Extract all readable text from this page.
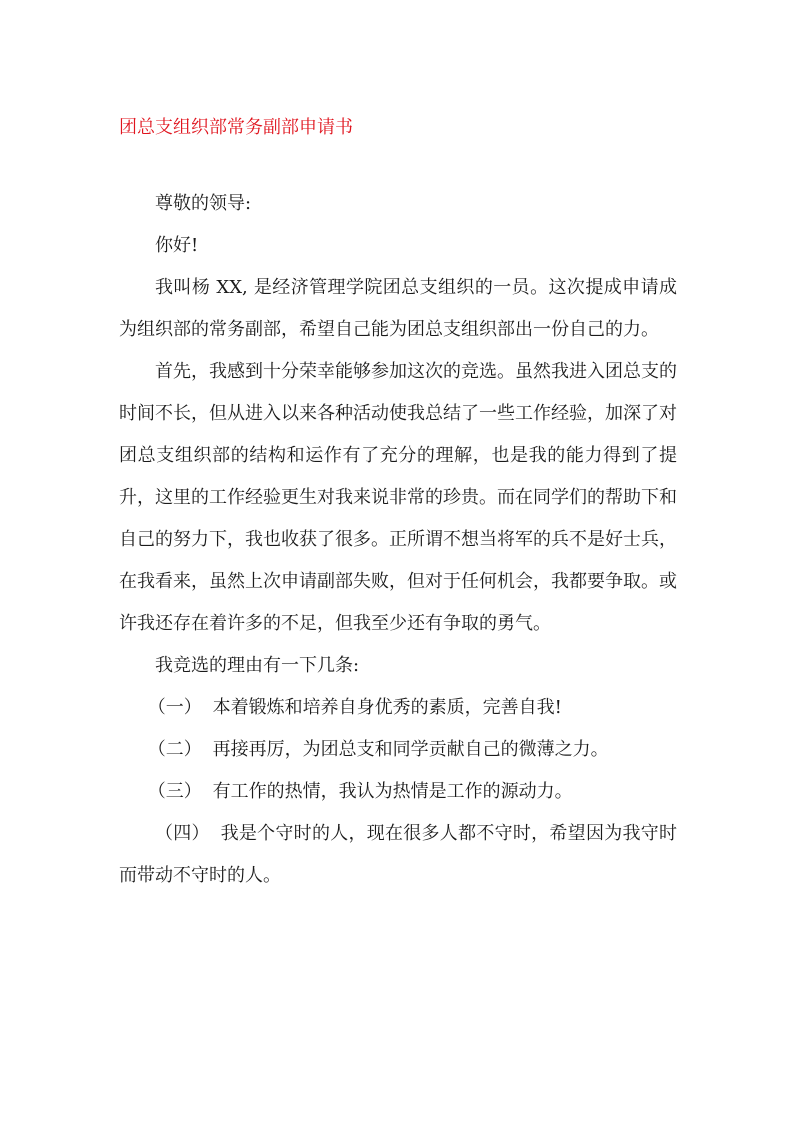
团总支组织部常务副部申请书

尊敬的领导:

你好!

我叫杨 XX, 是经济管理学院团总支组织的一员。这次提成申请成为组织部的常务副部，希望自己能为团总支组织部出一份自己的力。

首先，我感到十分荣幸能够参加这次的竞选。虽然我进入团总支的时间不长，但从进入以来各种活动使我总结了一些工作经验，加深了对团总支组织部的结构和运作有了充分的理解，也是我的能力得到了提升，这里的工作经验更生对我来说非常的珍贵。而在同学们的帮助下和自己的努力下，我也收获了很多。正所谓不想当将军的兵不是好士兵，在我看来，虽然上次申请副部失败，但对于任何机会，我都要争取。或许我还存在着许多的不足，但我至少还有争取的勇气。

我竞选的理由有一下几条:

（一） 本着锻炼和培养自身优秀的素质，完善自我!

（二） 再接再厉，为团总支和同学贡献自己的微薄之力。

（三） 有工作的热情，我认为热情是工作的源动力。

（四） 我是个守时的人，现在很多人都不守时，希望因为我守时而带动不守时的人。
